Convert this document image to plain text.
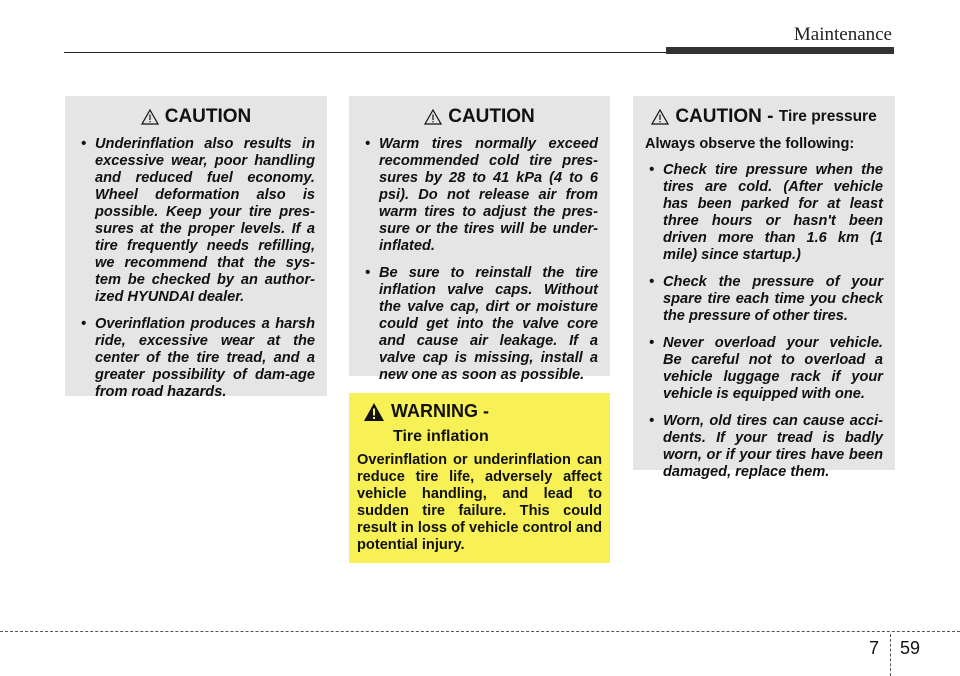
Maintenance
CAUTION
• Underinflation also results in excessive wear, poor handling and reduced fuel economy. Wheel deformation also is possible. Keep your tire pres-sures at the proper levels. If a tire frequently needs refilling, we recommend that the sys-tem be checked by an author-ized HYUNDAI dealer.
• Overinflation produces a harsh ride, excessive wear at the center of the tire tread, and a greater possibility of dam-age from road hazards.
CAUTION
• Warm tires normally exceed recommended cold tire pres-sures by 28 to 41 kPa (4 to 6 psi). Do not release air from warm tires to adjust the pres-sure or the tires will be under-inflated.
• Be sure to reinstall the tire inflation valve caps. Without the valve cap, dirt or moisture could get into the valve core and cause air leakage. If a valve cap is missing, install a new one as soon as possible.
CAUTION -
Tire pressure

Always observe the following:

• Check tire pressure when the tires are cold. (After vehicle has been parked for at least three hours or hasn't been driven more than 1.6 km (1 mile) since startup.)
• Check the pressure of your spare tire each time you check the pressure of other tires.
• Never overload your vehicle. Be careful not to overload a vehicle luggage rack if your vehicle is equipped with one.
• Worn, old tires can cause acci-dents. If your tread is badly worn, or if your tires have been damaged, replace them.
WARNING -
Tire inflation

Overinflation or underinflation can reduce tire life, adversely affect vehicle handling, and lead to sudden tire failure. This could result in loss of vehicle control and potential injury.

7 59
